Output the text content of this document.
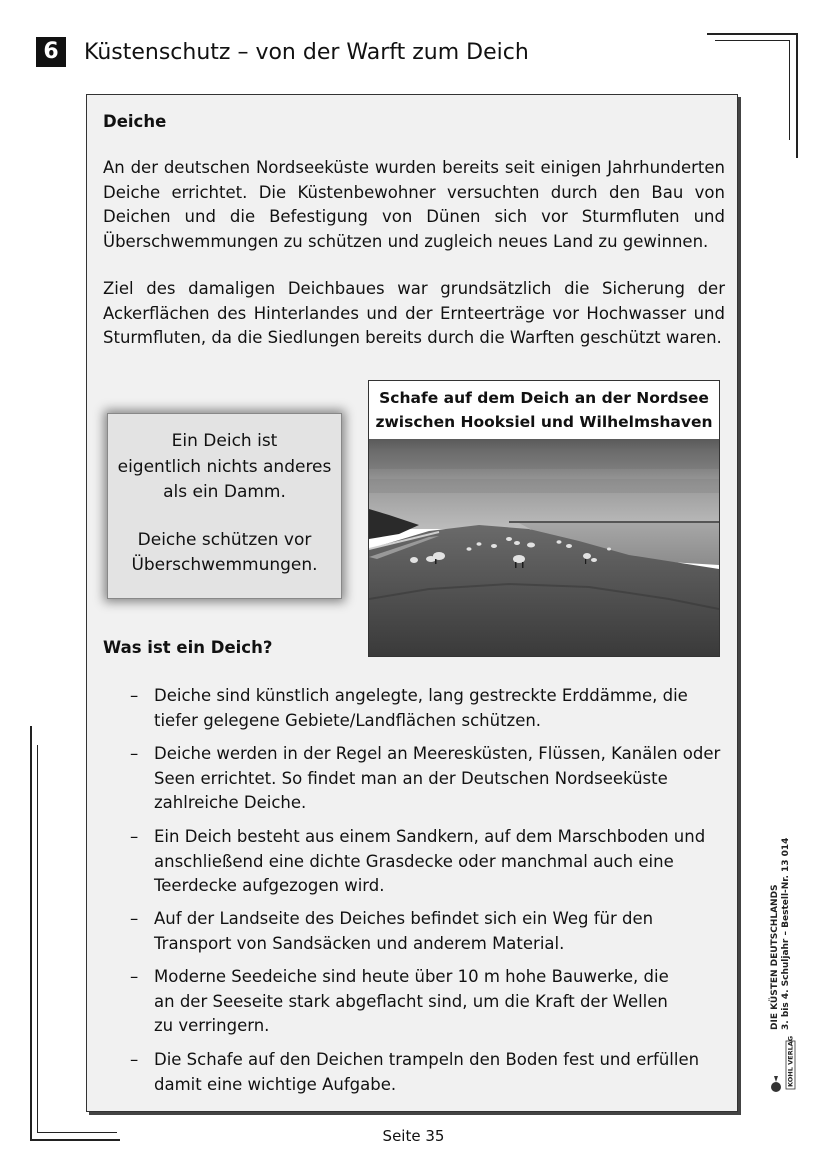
6	Küstenschutz – von der Warft zum Deich
Deiche
An der deutschen Nordseeküste wurden bereits seit einigen Jahrhunderten Deiche errichtet. Die Küstenbewohner versuchten durch den Bau von Deichen und die Befestigung von Dünen sich vor Sturmfluten und Überschwemmungen zu schützen und zugleich neues Land zu gewinnen.
Ziel des damaligen Deichbaues war grundsätzlich die Sicherung der Ackerflächen des Hinterlandes und der Ernteerträge vor Hochwasser und Sturmfluten, da die Siedlungen bereits durch die Warften geschützt waren.

Ein Deich ist

eigentlich nichts anderes

als ein Damm.

Deiche schützen vor

Überschwemmungen.

Schafe auf dem Deich an der Nordsee
zwischen Hooksiel und Wilhelmshaven
Was ist ein Deich?
– Deiche sind künstlich angelegte, lang gestreckte Erddämme, die
tiefer gelegene Gebiete/Landflächen schützen.
– Deiche werden in der Regel an Meeresküsten, Flüssen, Kanälen oder
Seen errichtet. So findet man an der Deutschen Nordseeküste
zahlreiche Deiche.
– Ein Deich besteht aus einem Sandkern, auf dem Marschboden und
anschließend eine dichte Grasdecke oder manchmal auch eine
Teerdecke aufgezogen wird.
– Auf der Landseite des Deiches befindet sich ein Weg für den
Transport von Sandsäcken und anderem Material.
– Moderne Seedeiche sind heute über 10 m hohe Bauwerke, die
an der Seeseite stark abgeflacht sind, um die Kraft der Wellen
zu verringern.
– Die Schafe auf den Deichen trampeln den Boden fest und erfüllen
damit eine wichtige Aufgabe.
DIE KÜSTEN DEUTSCHLANDS 3. bis 4. Schuljahr – Bestell-Nr. 13 014
KOHL VERLAG
Seite 35
